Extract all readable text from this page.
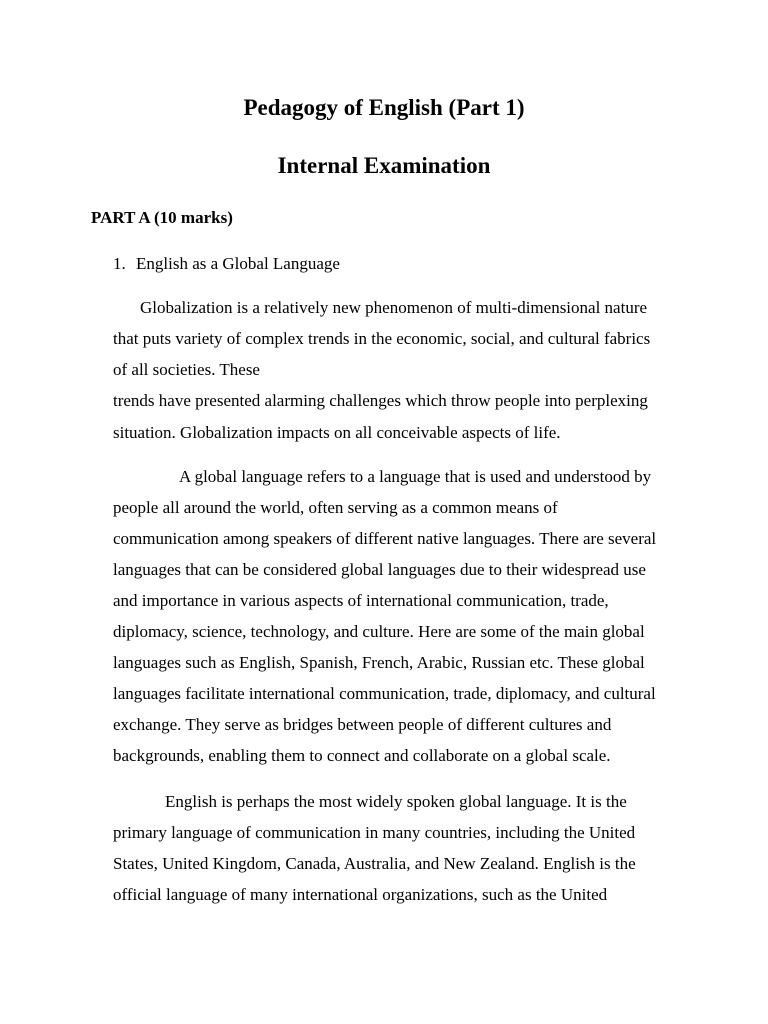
Pedagogy of English (Part 1)
Internal Examination
PART A (10 marks)
1. English as a Global Language

Globalization is a relatively new phenomenon of multi-dimensional nature
that puts variety of complex trends in the economic, social, and cultural fabrics
of all societies. These
trends have presented alarming challenges which throw people into perplexing
situation. Globalization impacts on all conceivable aspects of life.

A global language refers to a language that is used and understood by
people all around the world, often serving as a common means of
communication among speakers of different native languages. There are several
languages that can be considered global languages due to their widespread use
and importance in various aspects of international communication, trade,
diplomacy, science, technology, and culture. Here are some of the main global
languages such as English, Spanish, French, Arabic, Russian etc. These global
languages facilitate international communication, trade, diplomacy, and cultural
exchange. They serve as bridges between people of different cultures and
backgrounds, enabling them to connect and collaborate on a global scale.

English is perhaps the most widely spoken global language. It is the
primary language of communication in many countries, including the United
States, United Kingdom, Canada, Australia, and New Zealand. English is the
official language of many international organizations, such as the United
